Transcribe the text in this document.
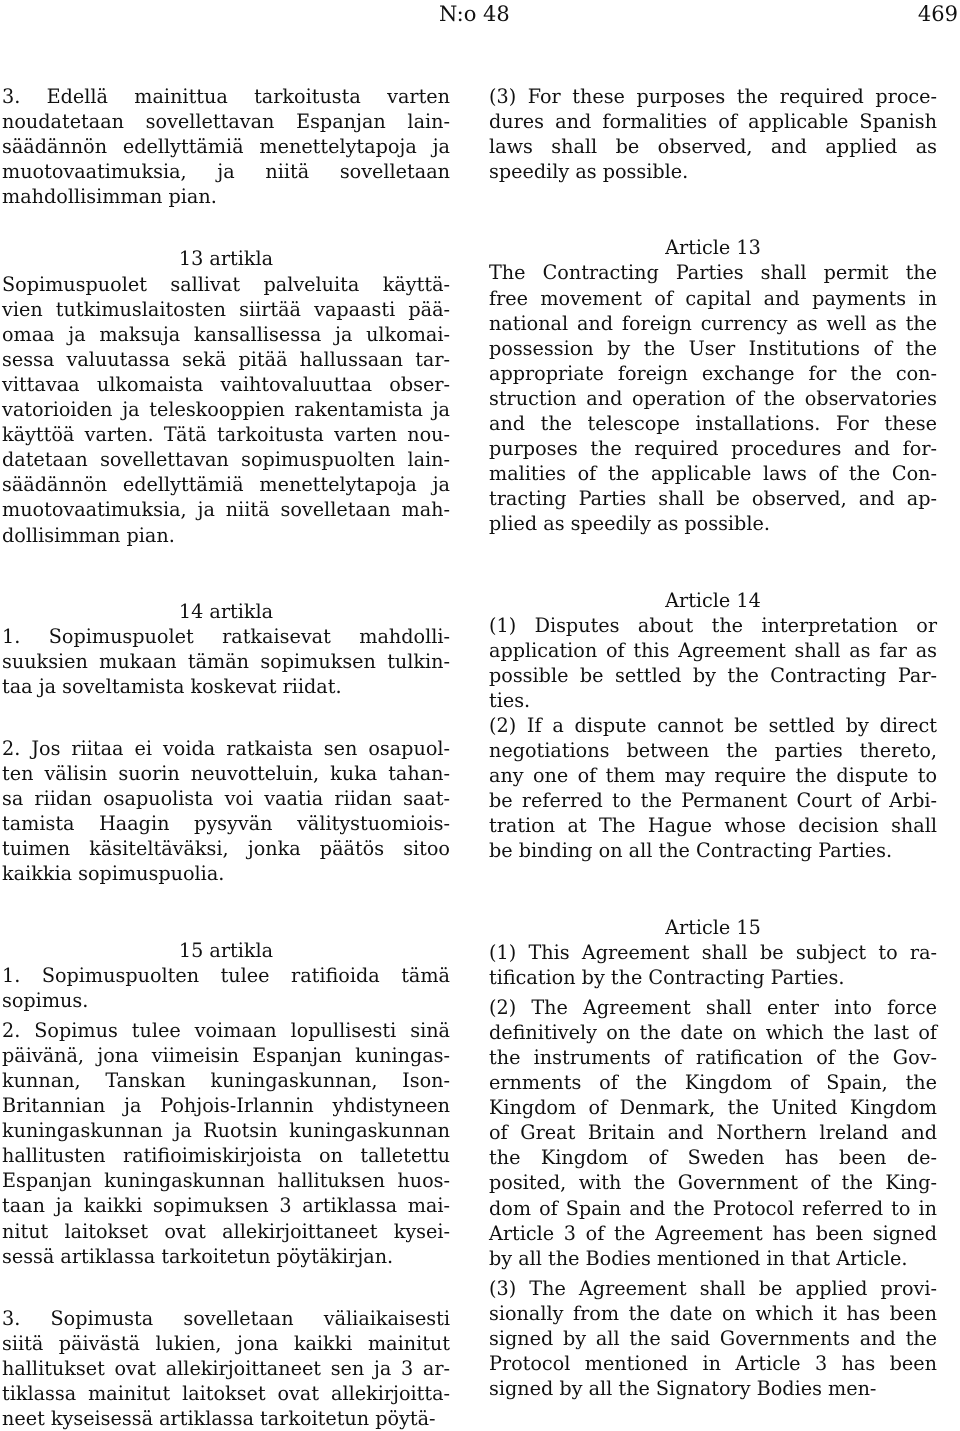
N:o 48	469
3. Edellä mainittua tarkoitusta varten
noudatetaan sovellettavan Espanjan lain-
säädännön edellyttämiä menettelytapoja ja
muotovaatimuksia, ja niitä sovelletaan
mahdollisimman pian.
13 artikla
Sopimuspuolet sallivat palveluita käyttä-
vien tutkimuslaitosten siirtää vapaasti pää-
omaa ja maksuja kansallisessa ja ulkomai-
sessa valuutassa sekä pitää hallussaan tar-
vittavaa ulkomaista vaihtovaluuttaa obser-
vatorioiden ja teleskooppien rakentamista ja
käyttöä varten. Tätä tarkoitusta varten nou-
datetaan sovellettavan sopimuspuolten lain-
säädännön edellyttämiä menettelytapoja ja
muotovaatimuksia, ja niitä sovelletaan mah-
dollisimman pian.
14 artikla
1. Sopimuspuolet ratkaisevat mahdolli-
suuksien mukaan tämän sopimuksen tulkin-
taa ja soveltamista koskevat riidat.
2. Jos riitaa ei voida ratkaista sen osapuol-
ten välisin suorin neuvotteluin, kuka tahan-
sa riidan osapuolista voi vaatia riidan saat-
tamista Haagin pysyvän välitystuomiois-
tuimen käsiteltäväksi, jonka päätös sitoo
kaikkia sopimuspuolia.
15 artikla
1. Sopimuspuolten tulee ratifioida tämä
sopimus.
2. Sopimus tulee voimaan lopullisesti sinä
päivänä, jona viimeisin Espanjan kuningas-
kunnan, Tanskan kuningaskunnan, Ison-
Britannian ja Pohjois-Irlannin yhdistyneen
kuningaskunnan ja Ruotsin kuningaskunnan
hallitusten ratifioimiskirjoista on talletettu
Espanjan kuningaskunnan hallituksen huos-
taan ja kaikki sopimuksen 3 artiklassa mai-
nitut laitokset ovat allekirjoittaneet kysei-
sessä artiklassa tarkoitetun pöytäkirjan.
3. Sopimusta sovelletaan väliaikaisesti
siitä päivästä lukien, jona kaikki mainitut
hallitukset ovat allekirjoittaneet sen ja 3 ar-
tiklassa mainitut laitokset ovat allekirjoitta-
neet kyseisessä artiklassa tarkoitetun pöytä-
(3) For these purposes the required proce-
dures and formalities of applicable Spanish
laws shall be observed, and applied as
speedily as possible.
Article 13
The Contracting Parties shall permit the
free movement of capital and payments in
national and foreign currency as well as the
possession by the User Institutions of the
appropriate foreign exchange for the con-
struction and operation of the observatories
and the telescope installations. For these
purposes the required procedures and for-
malities of the applicable laws of the Con-
tracting Parties shall be observed, and ap-
plied as speedily as possible.
Article 14
(1) Disputes about the interpretation or
application of this Agreement shall as far as
possible be settled by the Contracting Par-
ties.
(2) If a dispute cannot be settled by direct
negotiations between the parties thereto,
any one of them may require the dispute to
be referred to the Permanent Court of Arbi-
tration at The Hague whose decision shall
be binding on all the Contracting Parties.
Article 15
(1) This Agreement shall be subject to ra-
tification by the Contracting Parties.
(2) The Agreement shall enter into force
definitively on the date on which the last of
the instruments of ratification of the Gov-
ernments of the Kingdom of Spain, the
Kingdom of Denmark, the United Kingdom
of Great Britain and Northern lreland and
the Kingdom of Sweden has been de-
posited, with the Government of the King-
dom of Spain and the Protocol referred to in
Article 3 of the Agreement has been signed
by all the Bodies mentioned in that Article.
(3) The Agreement shall be applied provi-
sionally from the date on which it has been
signed by all the said Governments and the
Protocol mentioned in Article 3 has been
signed by all the Signatory Bodies men-
